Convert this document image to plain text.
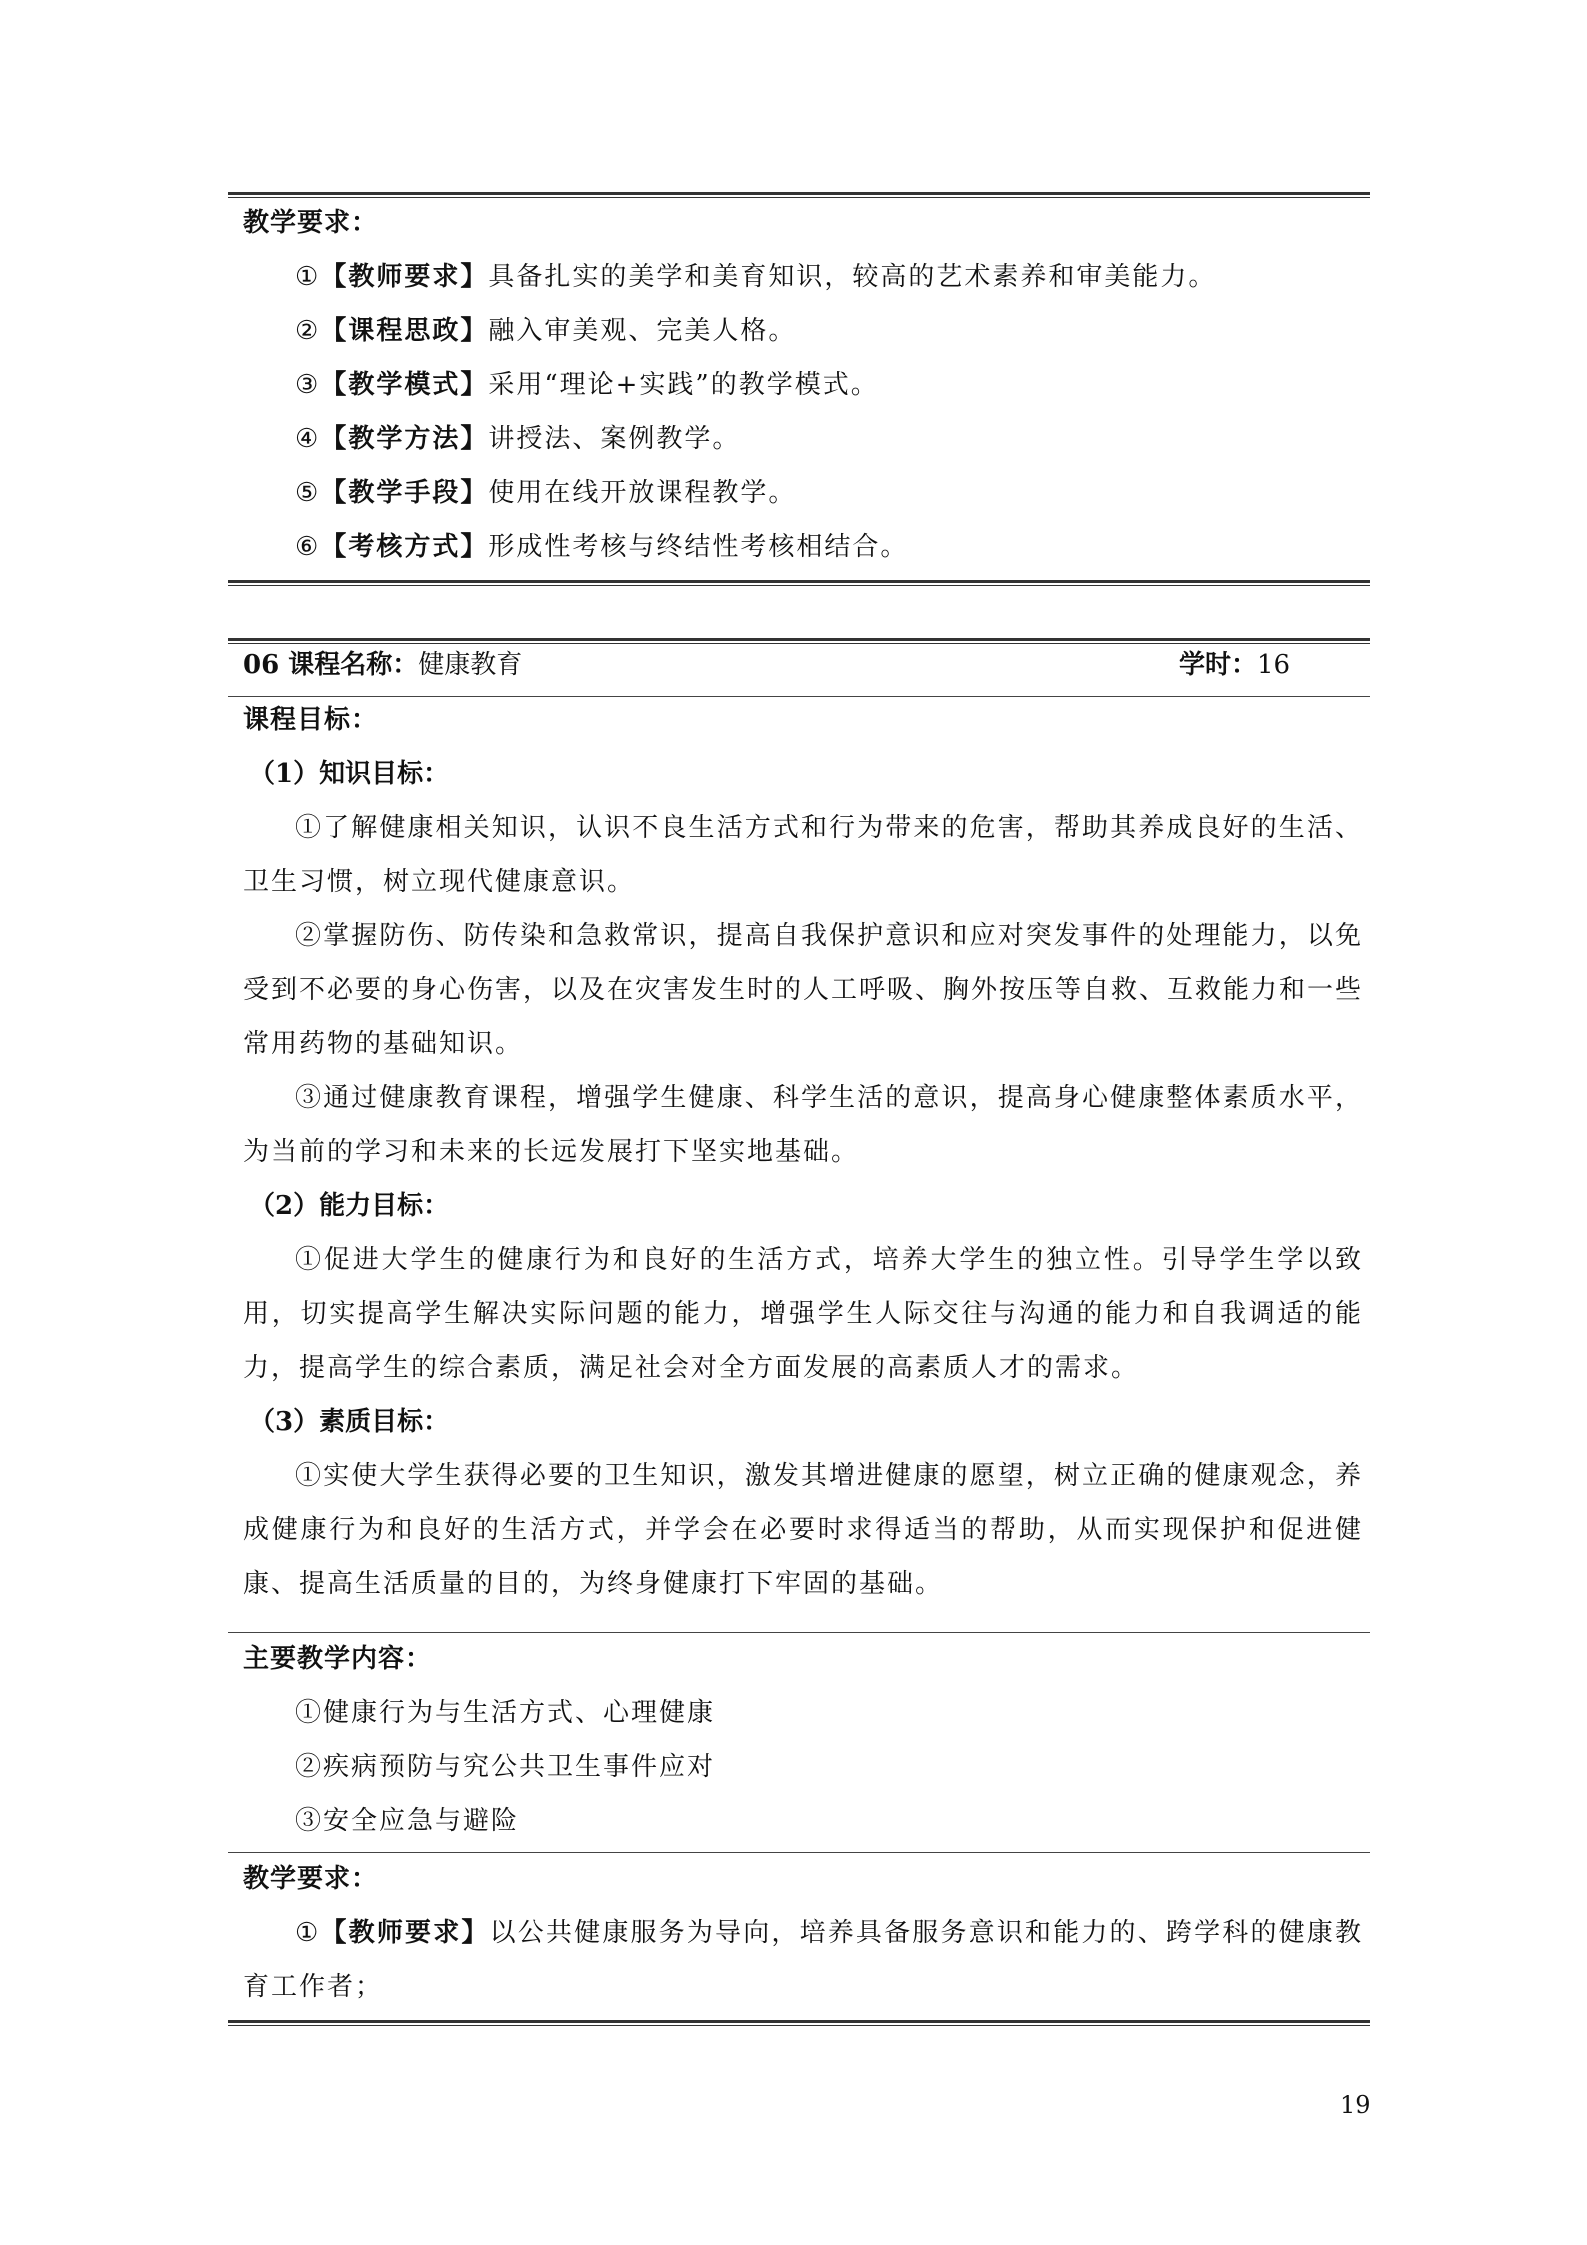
教学要求：
①【教师要求】具备扎实的美学和美育知识，较高的艺术素养和审美能力。
②【课程思政】融入审美观、完美人格。
③【教学模式】采用“理论+实践”的教学模式。
④【教学方法】讲授法、案例教学。
⑤【教学手段】使用在线开放课程教学。
⑥【考核方式】形成性考核与终结性考核相结合。
06 课程名称：健康教育	学时：16
课程目标：
（1）知识目标：

①了解健康相关知识，认识不良生活方式和行为带来的危害，帮助其养成良好的生活、卫生习惯，树立现代健康意识。

②掌握防伤、防传染和急救常识，提高自我保护意识和应对突发事件的处理能力，以免受到不必要的身心伤害，以及在灾害发生时的人工呼吸、胸外按压等自救、互救能力和一些常用药物的基础知识。

③通过健康教育课程，增强学生健康、科学生活的意识，提高身心健康整体素质水平，为当前的学习和未来的长远发展打下坚实地基础。

（2）能力目标：

①促进大学生的健康行为和良好的生活方式，培养大学生的独立性。引导学生学以致用，切实提高学生解决实际问题的能力，增强学生人际交往与沟通的能力和自我调适的能力，提高学生的综合素质，满足社会对全方面发展的高素质人才的需求。

（3）素质目标：

①实使大学生获得必要的卫生知识，激发其增进健康的愿望，树立正确的健康观念，养成健康行为和良好的生活方式，并学会在必要时求得适当的帮助，从而实现保护和促进健康、提高生活质量的目的，为终身健康打下牢固的基础。

主要教学内容：
①健康行为与生活方式、心理健康
②疾病预防与究公共卫生事件应对
③安全应急与避险
教学要求：

①【教师要求】以公共健康服务为导向，培养具备服务意识和能力的、跨学科的健康教育工作者；

19
